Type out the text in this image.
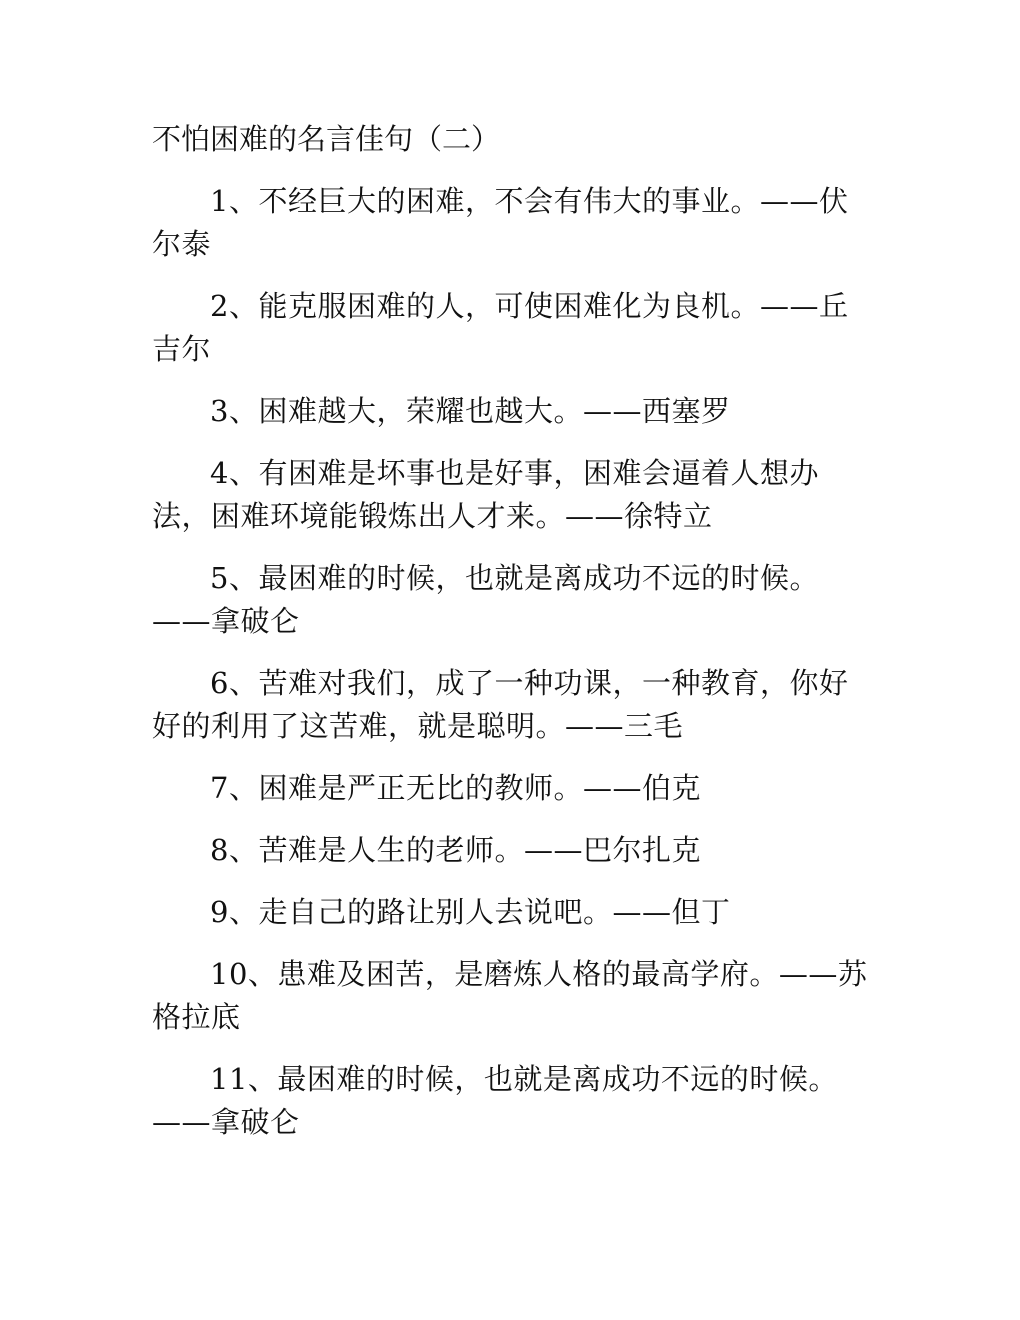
不怕困难的名言佳句（二）

1、不经巨大的困难，不会有伟大的事业。——伏尔泰

2、能克服困难的人，可使困难化为良机。——丘吉尔

3、困难越大，荣耀也越大。——西塞罗

4、有困难是坏事也是好事，困难会逼着人想办法，困难环境能锻炼出人才来。——徐特立

5、最困难的时候，也就是离成功不远的时候。——拿破仑

6、苦难对我们，成了一种功课，一种教育，你好好的利用了这苦难，就是聪明。——三毛

7、困难是严正无比的教师。——伯克

8、苦难是人生的老师。——巴尔扎克

9、走自己的路让别人去说吧。——但丁

10、患难及困苦，是磨炼人格的最高学府。——苏格拉底

11、最困难的时候，也就是离成功不远的时候。——拿破仑
